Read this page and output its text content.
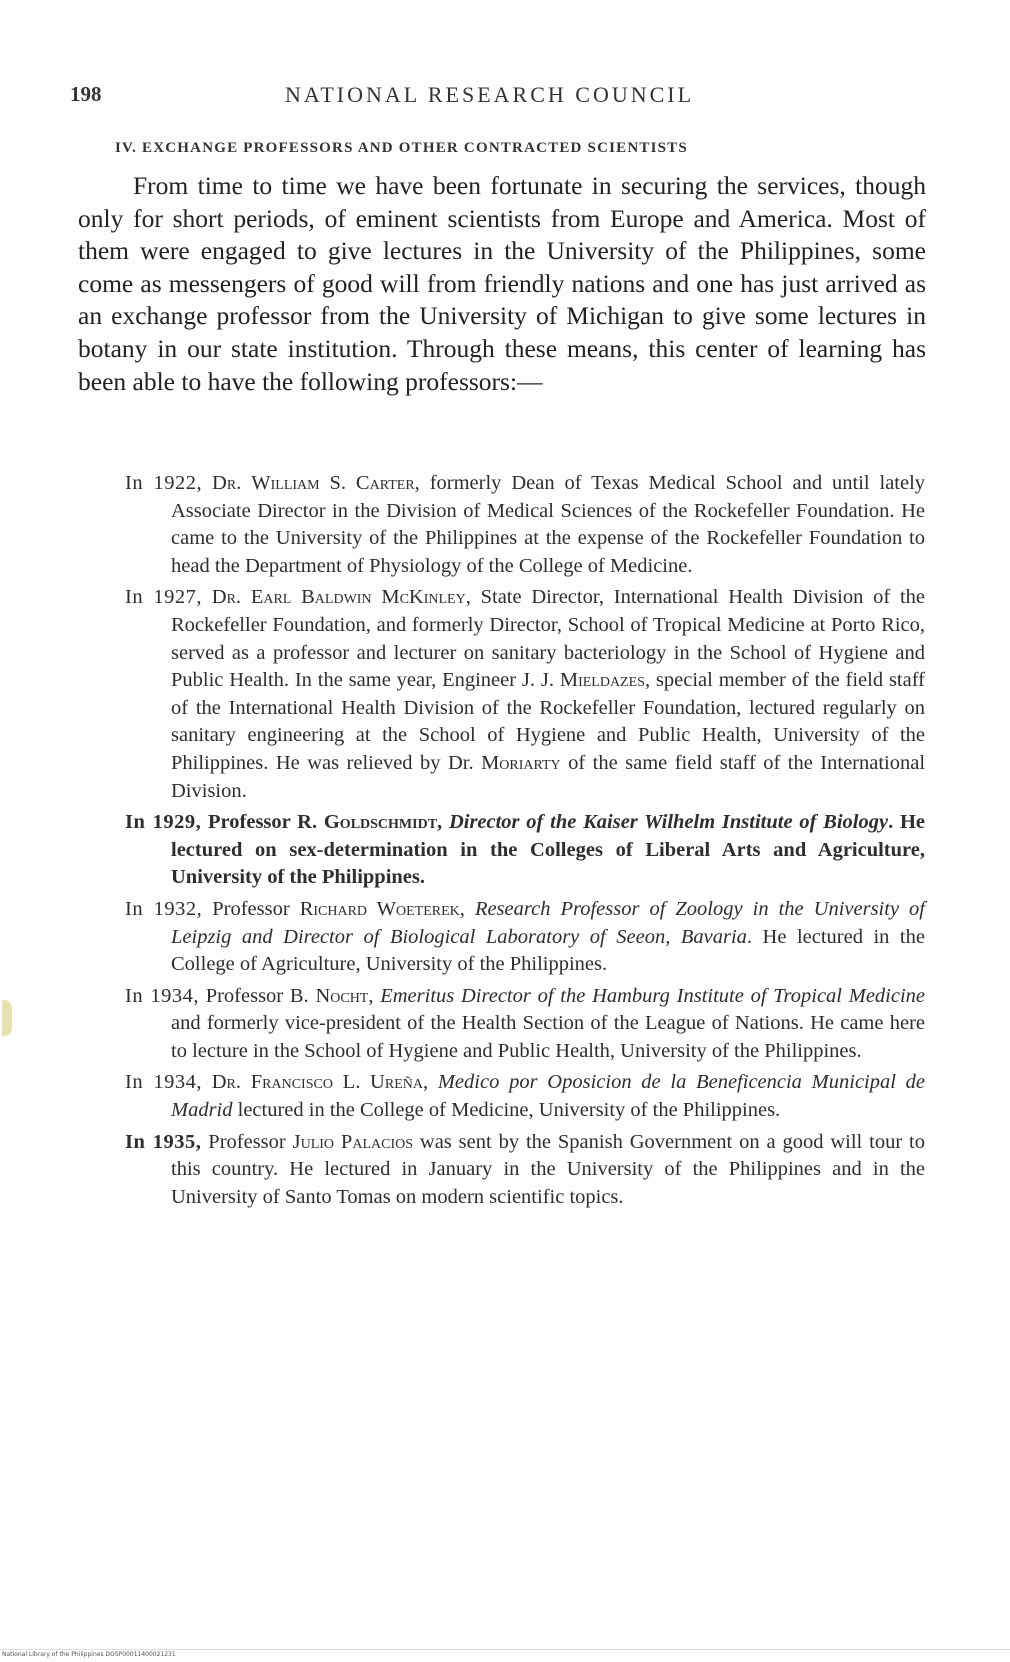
198	NATIONAL RESEARCH COUNCIL
IV. EXCHANGE PROFESSORS AND OTHER CONTRACTED SCIENTISTS

From time to time we have been fortunate in securing the services, though only for short periods, of eminent scientists from Europe and America. Most of them were engaged to give lectures in the University of the Philippines, some come as messengers of good will from friendly nations and one has just arrived as an exchange professor from the University of Michigan to give some lectures in botany in our state institution. Through these means, this center of learning has been able to have the following professors:—

In 1922, Dr. William S. Carter, formerly Dean of Texas Medical School and until lately Associate Director in the Division of Medical Sciences of the Rockefeller Foundation. He came to the University of the Philippines at the expense of the Rockefeller Foundation to head the Department of Physiology of the College of Medicine.

In 1927, Dr. Earl Baldwin McKinley, State Director, International Health Division of the Rockefeller Foundation, and formerly Director, School of Tropical Medicine at Porto Rico, served as a professor and lecturer on sanitary bacteriology in the School of Hygiene and Public Health. In the same year, Engineer J. J. Mieldazes, special member of the field staff of the International Health Division of the Rockefeller Foundation, lectured regularly on sanitary engineering at the School of Hygiene and Public Health, University of the Philippines. He was relieved by Dr. Moriarty of the same field staff of the International Division.

In 1929, Professor R. Goldschmidt, Director of the Kaiser Wilhelm Institute of Biology. He lectured on sex-determination in the Colleges of Liberal Arts and Agriculture, University of the Philippines.

In 1932, Professor Richard Woeterek, Research Professor of Zoology in the University of Leipzig and Director of Biological Laboratory of Seeon, Bavaria. He lectured in the College of Agriculture, University of the Philippines.

In 1934, Professor B. Nocht, Emeritus Director of the Hamburg Institute of Tropical Medicine and formerly vice-president of the Health Section of the League of Nations. He came here to lecture in the School of Hygiene and Public Health, University of the Philippines.

In 1934, Dr. Francisco L. Ureña, Medico por Oposicion de la Beneficencia Municipal de Madrid lectured in the College of Medicine, University of the Philippines.

In 1935, Professor Julio Palacios was sent by the Spanish Government on a good will tour to this country. He lectured in January in the University of the Philippines and in the University of Santo Tomas on modern scientific topics.

National Library of the Philippines DOSP00011400021231
